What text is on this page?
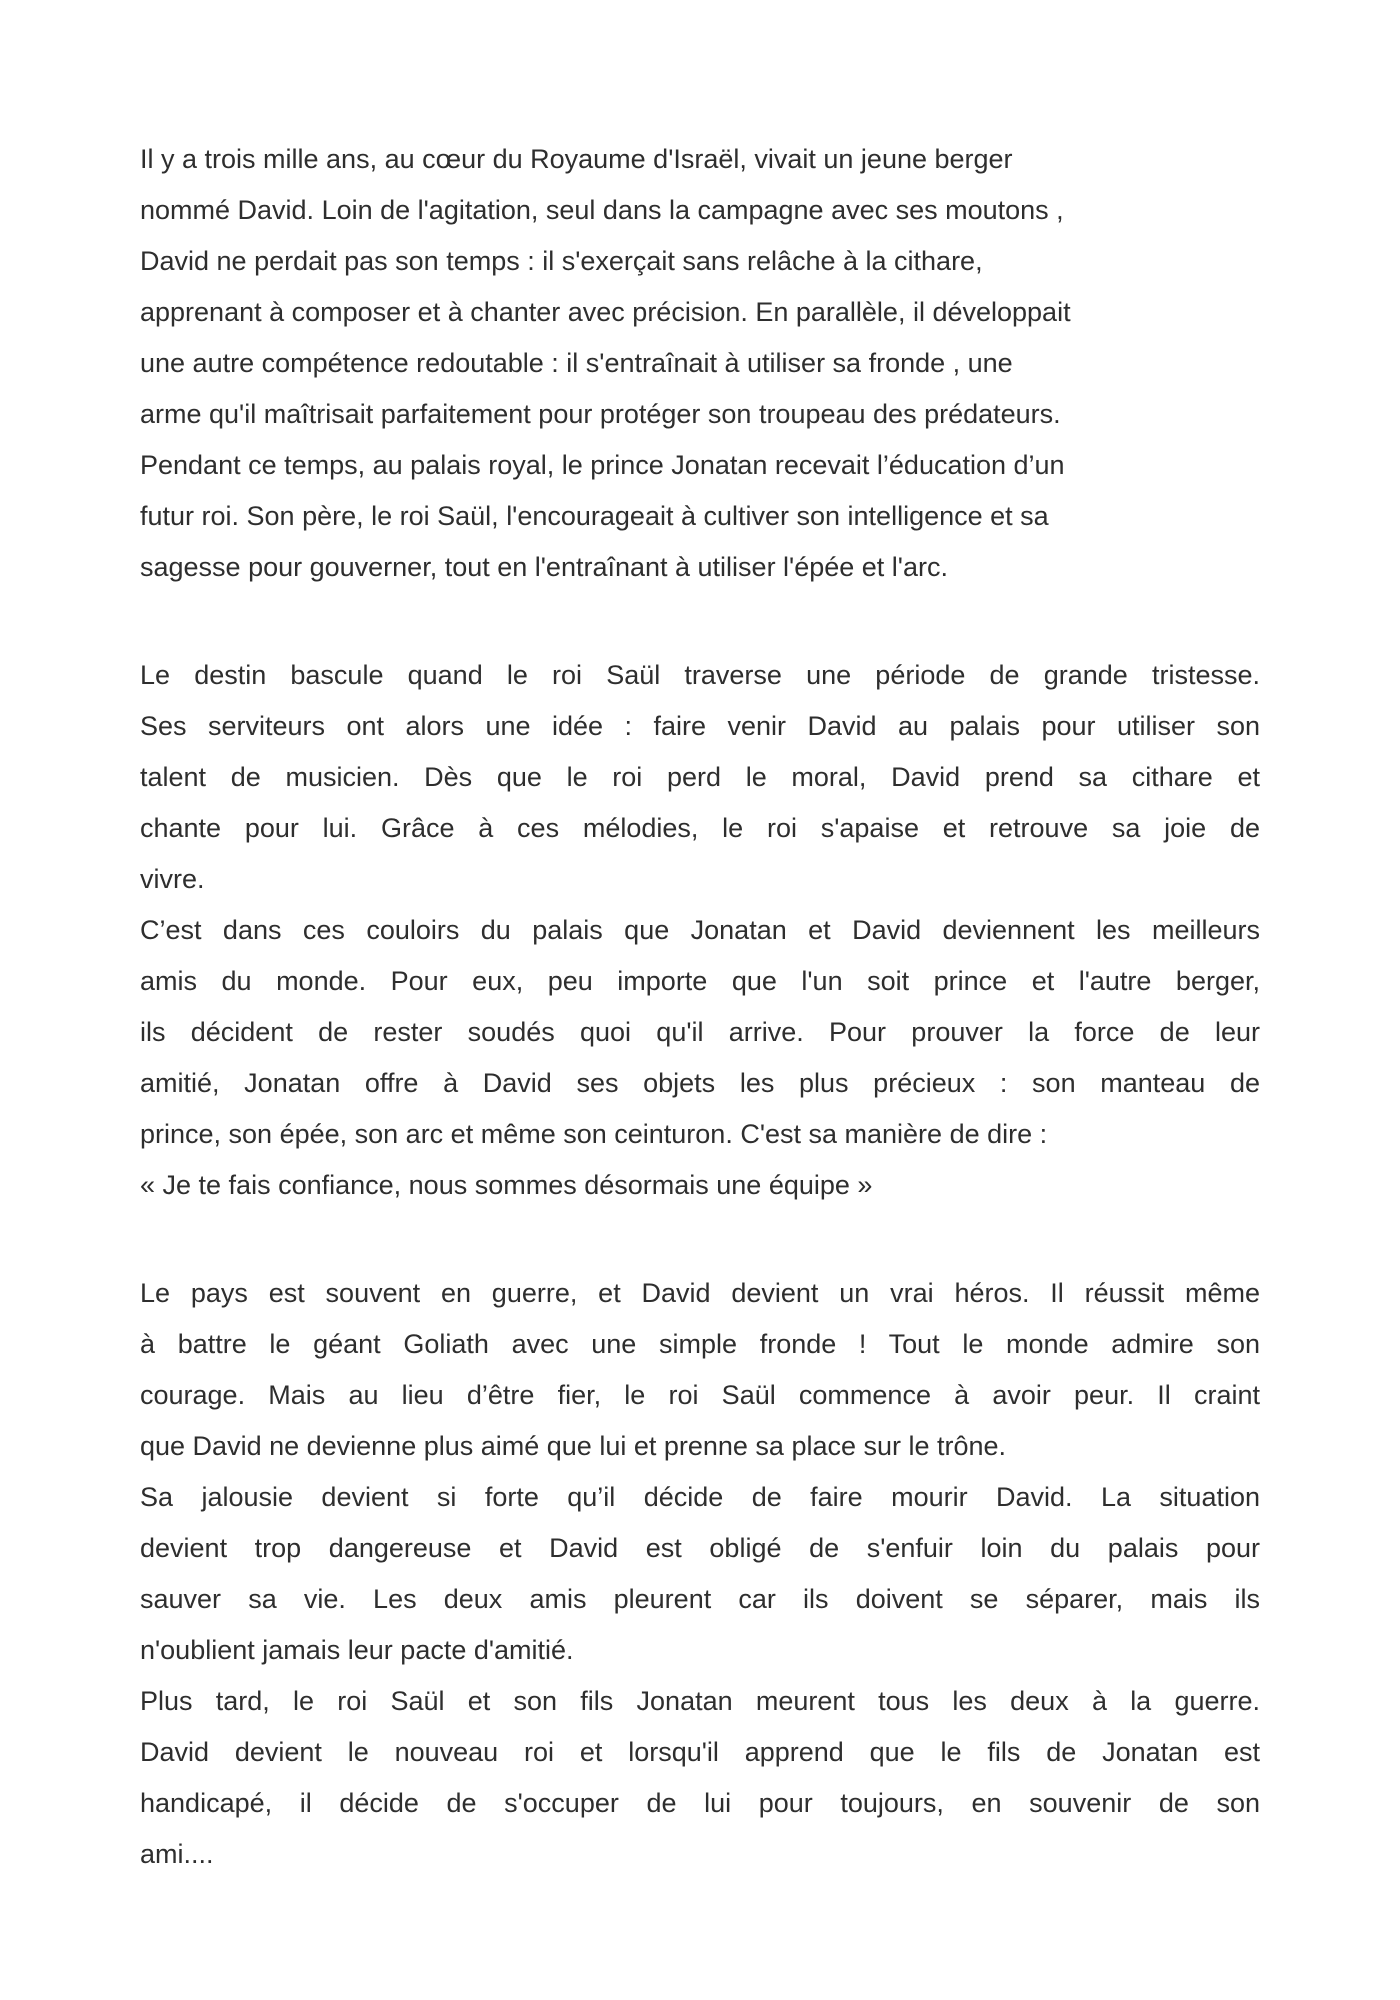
Il y a trois mille ans, au cœur du Royaume d'Israël, vivait un jeune berger
nommé David. Loin de l'agitation, seul dans la campagne avec ses moutons ,
David ne perdait pas son temps : il s'exerçait sans relâche à la cithare,
apprenant à composer et à chanter avec précision. En parallèle, il développait
une autre compétence redoutable : il s'entraînait à utiliser sa fronde , une
arme qu'il maîtrisait parfaitement pour protéger son troupeau des prédateurs.
Pendant ce temps, au palais royal, le prince Jonatan recevait l’éducation d’un
futur roi. Son père, le roi Saül, l'encourageait à cultiver son intelligence et sa
sagesse pour gouverner, tout en l'entraînant à utiliser l'épée et l'arc.
Le destin bascule quand le roi Saül traverse une période de grande tristesse.
Ses serviteurs ont alors une idée : faire venir David au palais pour utiliser son
talent de musicien. Dès que le roi perd le moral, David prend sa cithare et
chante pour lui. Grâce à ces mélodies, le roi s'apaise et retrouve sa joie de
vivre.
C’est dans ces couloirs du palais que Jonatan et David deviennent les meilleurs
amis du monde. Pour eux, peu importe que l'un soit prince et l'autre berger,
ils décident de rester soudés quoi qu'il arrive. Pour prouver la force de leur
amitié, Jonatan offre à David ses objets les plus précieux : son manteau de
prince, son épée, son arc et même son ceinturon. C'est sa manière de dire :
« Je te fais confiance, nous sommes désormais une équipe »
Le pays est souvent en guerre, et David devient un vrai héros. Il réussit même
à battre le géant Goliath avec une simple fronde ! Tout le monde admire son
courage. Mais au lieu d’être fier, le roi Saül commence à avoir peur. Il craint
que David ne devienne plus aimé que lui et prenne sa place sur le trône.
Sa jalousie devient si forte qu’il décide de faire mourir David. La situation
devient trop dangereuse et David est obligé de s'enfuir loin du palais pour
sauver sa vie. Les deux amis pleurent car ils doivent se séparer, mais ils
n'oublient jamais leur pacte d'amitié.
Plus tard, le roi Saül et son fils Jonatan meurent tous les deux à la guerre.
David devient le nouveau roi et lorsqu'il apprend que le fils de Jonatan est
handicapé, il décide de s'occuper de lui pour toujours, en souvenir de son
ami....
